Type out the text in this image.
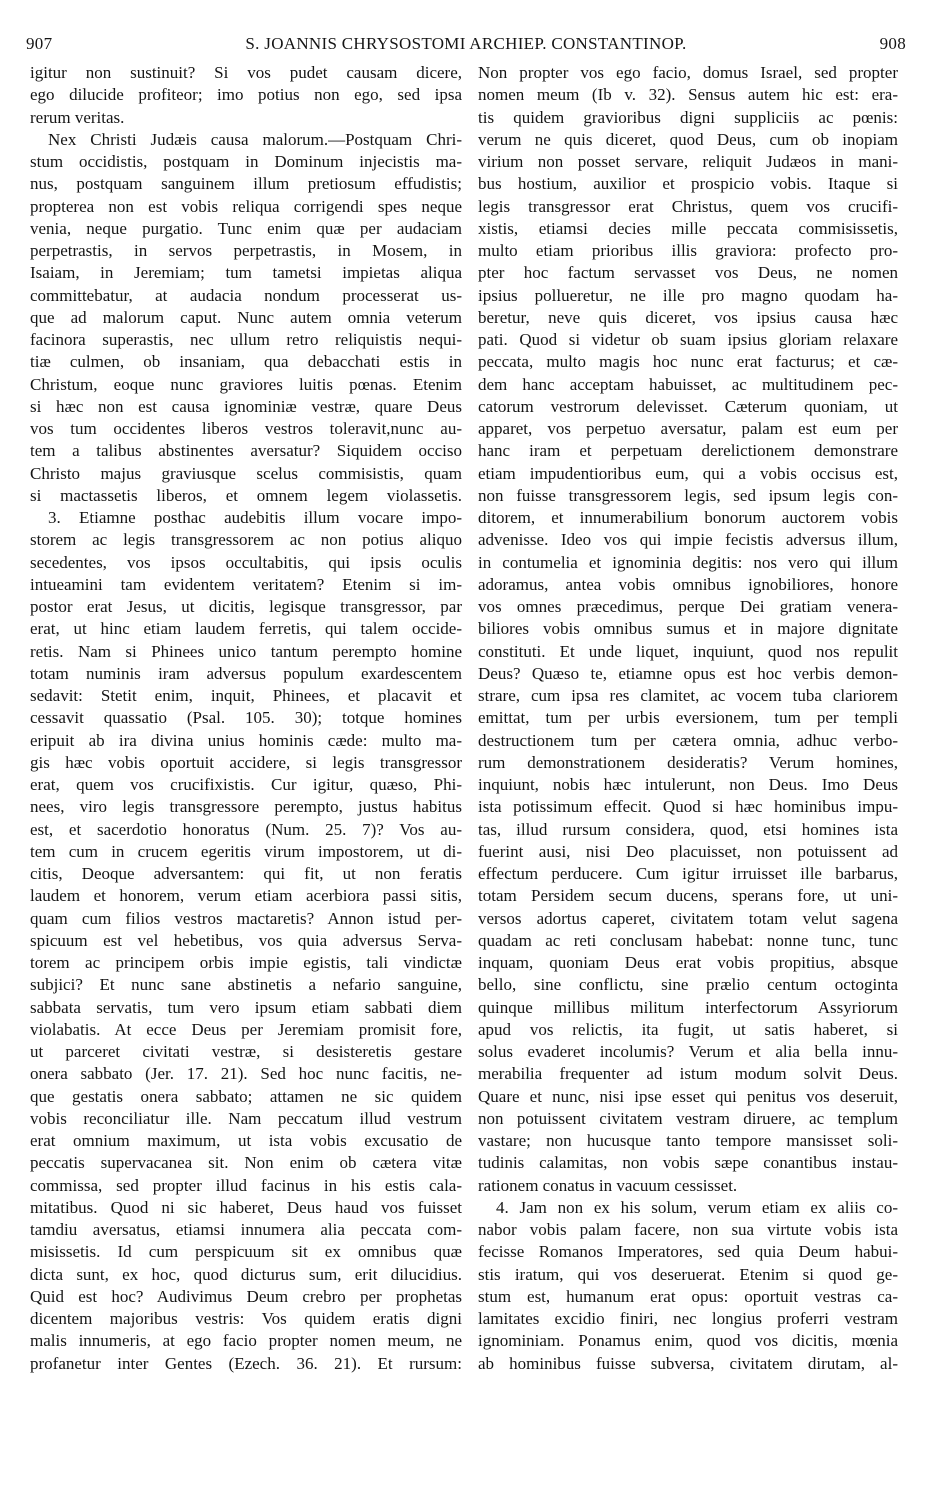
907	S. JOANNIS CHRYSOSTOMI ARCHIEP. CONSTANTINOP.	908
igitur non sustinuit? Si vos pudet causam dicere,
ego dilucide profiteor; imo potius non ego, sed ipsa
rerum veritas.
Nex Christi Judæis causa malorum.—Postquam Chri-
stum occidistis, postquam in Dominum injecistis ma-
nus, postquam sanguinem illum pretiosum effudistis;
propterea non est vobis reliqua corrigendi spes neque
venia, neque purgatio. Tunc enim quæ per audaciam
perpetrastis, in servos perpetrastis, in Mosem, in
Isaiam, in Jeremiam; tum tametsi impietas aliqua
committebatur, at audacia nondum processerat us-
que ad malorum caput. Nunc autem omnia veterum
facinora superastis, nec ullum retro reliquistis nequi-
tiæ culmen, ob insaniam, qua debacchati estis in
Christum, eoque nunc graviores luitis pœnas. Etenim
si hæc non est causa ignominiæ vestræ, quare Deus
vos tum occidentes liberos vestros toleravit,nunc au-
tem a talibus abstinentes aversatur? Siquidem occiso
Christo majus graviusque scelus commisistis, quam
si mactassetis liberos, et omnem legem violassetis.
3. Etiamne posthac audebitis illum vocare impo-
storem ac legis transgressorem ac non potius aliquo
secedentes, vos ipsos occultabitis, qui ipsis oculis
intueamini tam evidentem veritatem? Etenim si im-
postor erat Jesus, ut dicitis, legisque transgressor, par
erat, ut hinc etiam laudem ferretis, qui talem occide-
retis. Nam si Phinees unico tantum perempto homine
totam numinis iram adversus populum exardescentem
sedavit: Stetit enim, inquit, Phinees, et placavit et
cessavit quassatio (Psal. 105. 30); totque homines
eripuit ab ira divina unius hominis cæde: multo ma-
gis hæc vobis oportuit accidere, si legis transgressor
erat, quem vos crucifixistis. Cur igitur, quæso, Phi-
nees, viro legis transgressore perempto, justus habitus
est, et sacerdotio honoratus (Num. 25. 7)? Vos au-
tem cum in crucem egeritis virum impostorem, ut di-
citis, Deoque adversantem: qui fit, ut non feratis
laudem et honorem, verum etiam acerbiora passi sitis,
quam cum filios vestros mactaretis? Annon istud per-
spicuum est vel hebetibus, vos quia adversus Serva-
torem ac principem orbis impie egistis, tali vindictæ
subjici? Et nunc sane abstinetis a nefario sanguine,
sabbata servatis, tum vero ipsum etiam sabbati diem
violabatis. At ecce Deus per Jeremiam promisit fore,
ut parceret civitati vestræ, si desisteretis gestare
onera sabbato (Jer. 17. 21). Sed hoc nunc facitis, ne-
que gestatis onera sabbato; attamen ne sic quidem
vobis reconciliatur ille. Nam peccatum illud vestrum
erat omnium maximum, ut ista vobis excusatio de
peccatis supervacanea sit. Non enim ob cætera vitæ
commissa, sed propter illud facinus in his estis cala-
mitatibus. Quod ni sic haberet, Deus haud vos fuisset
tamdiu aversatus, etiamsi innumera alia peccata com-
misissetis. Id cum perspicuum sit ex omnibus quæ
dicta sunt, ex hoc, quod dicturus sum, erit dilucidius.
Quid est hoc? Audivimus Deum crebro per prophetas
dicentem majoribus vestris: Vos quidem eratis digni
malis innumeris, at ego facio propter nomen meum, ne
profanetur inter Gentes (Ezech. 36. 21). Et rursum:
Non propter vos ego facio, domus Israel, sed propter
nomen meum (Ib v. 32). Sensus autem hic est: era-
tis quidem gravioribus digni suppliciis ac pœnis:
verum ne quis diceret, quod Deus, cum ob inopiam
virium non posset servare, reliquit Judæos in mani-
bus hostium, auxilior et prospicio vobis. Itaque si
legis transgressor erat Christus, quem vos crucifi-
xistis, etiamsi decies mille peccata commisissetis,
multo etiam prioribus illis graviora: profecto pro-
pter hoc factum servasset vos Deus, ne nomen
ipsius pollueretur, ne ille pro magno quodam ha-
beretur, neve quis diceret, vos ipsius causa hæc
pati. Quod si videtur ob suam ipsius gloriam relaxare
peccata, multo magis hoc nunc erat facturus; et cæ-
dem hanc acceptam habuisset, ac multitudinem pec-
catorum vestrorum delevisset. Cæterum quoniam, ut
apparet, vos perpetuo aversatur, palam est eum per
hanc iram et perpetuam derelictionem demonstrare
etiam impudentioribus eum, qui a vobis occisus est,
non fuisse transgressorem legis, sed ipsum legis con-
ditorem, et innumerabilium bonorum auctorem vobis
advenisse. Ideo vos qui impie fecistis adversus illum,
in contumelia et ignominia degitis: nos vero qui illum
adoramus, antea vobis omnibus ignobiliores, honore
vos omnes præcedimus, perque Dei gratiam venera-
biliores vobis omnibus sumus et in majore dignitate
constituti. Et unde liquet, inquiunt, quod nos repulit
Deus? Quæso te, etiamne opus est hoc verbis demon-
strare, cum ipsa res clamitet, ac vocem tuba clariorem
emittat, tum per urbis eversionem, tum per templi
destructionem tum per cætera omnia, adhuc verbo-
rum demonstrationem desideratis? Verum homines,
inquiunt, nobis hæc intulerunt, non Deus. Imo Deus
ista potissimum effecit. Quod si hæc hominibus impu-
tas, illud rursum considera, quod, etsi homines ista
fuerint ausi, nisi Deo placuisset, non potuissent ad
effectum perducere. Cum igitur irruisset ille barbarus,
totam Persidem secum ducens, sperans fore, ut uni-
versos adortus caperet, civitatem totam velut sagena
quadam ac reti conclusam habebat: nonne tunc, tunc
inquam, quoniam Deus erat vobis propitius, absque
bello, sine conflictu, sine prælio centum octoginta
quinque millibus militum interfectorum Assyriorum
apud vos relictis, ita fugit, ut satis haberet, si
solus evaderet incolumis? Verum et alia bella innu-
merabilia frequenter ad istum modum solvit Deus.
Quare et nunc, nisi ipse esset qui penitus vos deseruit,
non potuissent civitatem vestram diruere, ac templum
vastare; non hucusque tanto tempore mansisset soli-
tudinis calamitas, non vobis sæpe conantibus instau-
rationem conatus in vacuum cessisset.
4. Jam non ex his solum, verum etiam ex aliis co-
nabor vobis palam facere, non sua virtute vobis ista
fecisse Romanos Imperatores, sed quia Deum habui-
stis iratum, qui vos deseruerat. Etenim si quod ge-
stum est, humanum erat opus: oportuit vestras ca-
lamitates excidio finiri, nec longius proferri vestram
ignominiam. Ponamus enim, quod vos dicitis, mœnia
ab hominibus fuisse subversa, civitatem dirutam, al-
